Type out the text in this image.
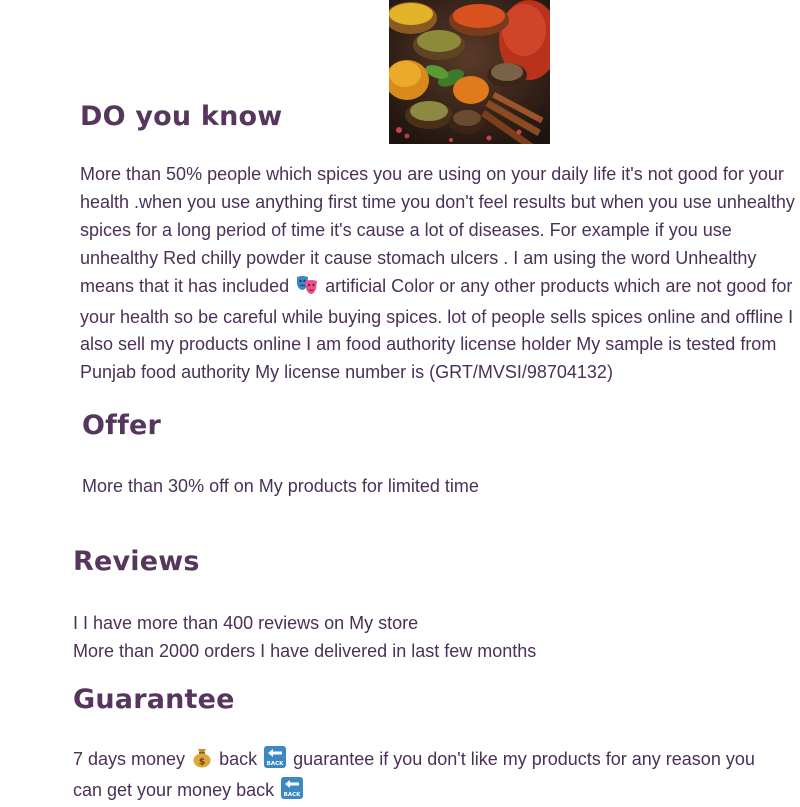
DO you know

More than 50% people which spices you are using on your daily life it's not good for your health .when you use anything first time you don't feel results but when you use unhealthy spices for a long period of time it's cause a lot of diseases. For example if you use unhealthy Red chilly powder it cause stomach ulcers . I am using the word Unhealthy means that it has included artificial Color or any other products which are not good for your health so be careful while buying spices. lot of people sells spices online and offline I also sell my products online I am food authority license holder My sample is tested from Punjab food authority My license number is (GRT/MVSI/98704132)

Offer

More than 30% off on My products for limited time

Reviews

I I have more than 400 reviews on My store

More than 2000 orders I have delivered in last few months

Guarantee

7 days money $ back BACK guarantee if you don't like my products for any reason you can get your money back BACK
